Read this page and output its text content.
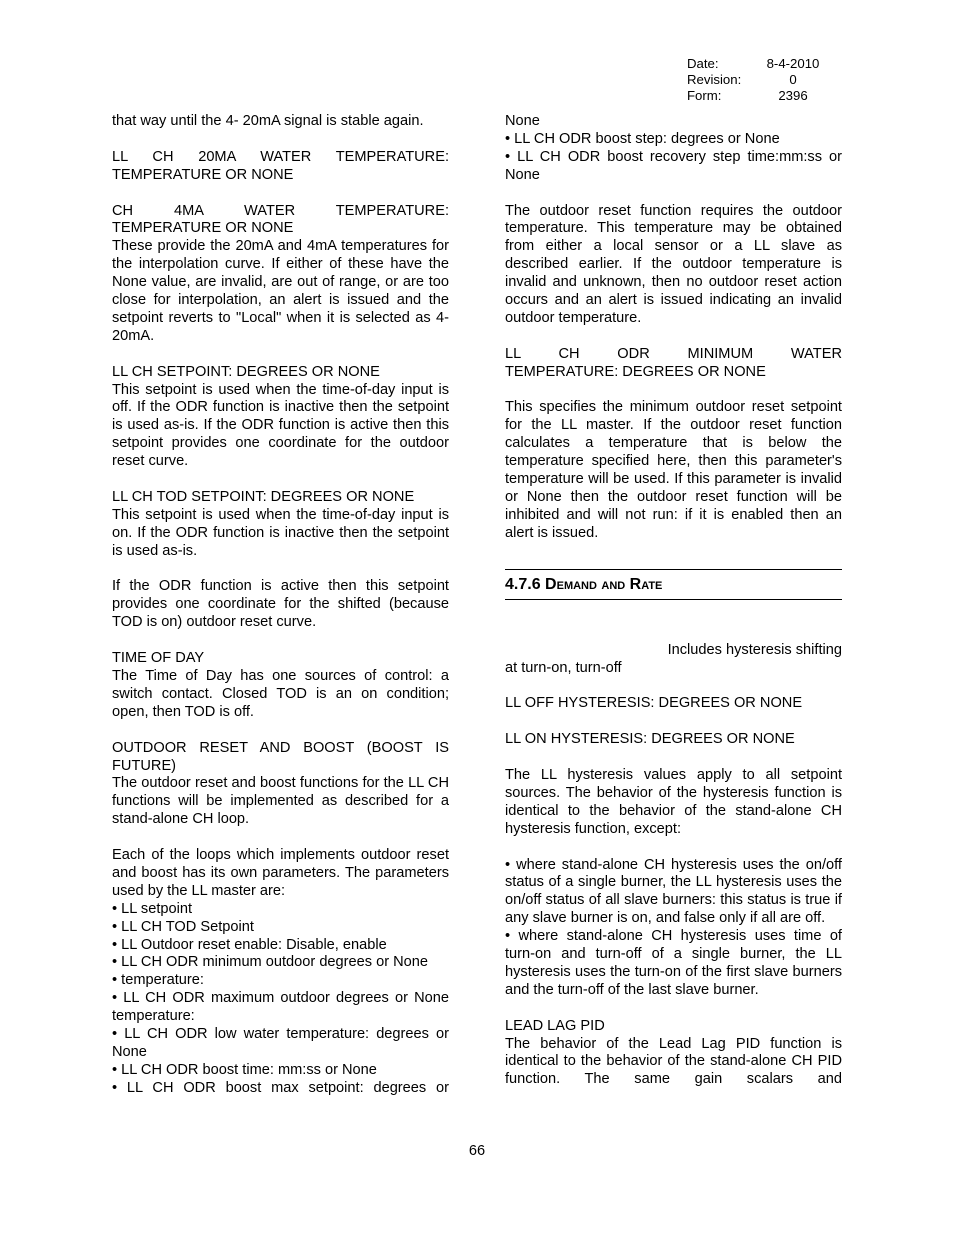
Date:	8-4-2010
Revision:	0
Form:	2396

that way until the 4- 20mA signal is stable again.

LL CH 20MA WATER TEMPERATURE:
TEMPERATURE OR NONE
CH 4MA WATER TEMPERATURE:
TEMPERATURE OR NONE

These provide the 20mA and 4mA temperatures for the interpolation curve. If either of these have the None value, are invalid, are out of range, or are too close for interpolation, an alert is issued and the setpoint reverts to "Local" when it is selected as 4-20mA.

LL CH SETPOINT: DEGREES OR NONE

This setpoint is used when the time-of-day input is off. If the ODR function is inactive then the setpoint is used as-is. If the ODR function is active then this setpoint provides one coordinate for the outdoor reset curve.

LL CH TOD SETPOINT: DEGREES OR NONE

This setpoint is used when the time-of-day input is on. If the ODR function is inactive then the setpoint is used as-is.

If the ODR function is active then this setpoint provides one coordinate for the shifted (because TOD is on) outdoor reset curve.

TIME OF DAY

The Time of Day has one sources of control: a switch contact. Closed TOD is an on condition; open, then TOD is off.

OUTDOOR RESET AND BOOST (BOOST IS FUTURE)

The outdoor reset and boost functions for the LL CH functions will be implemented as described for a stand-alone CH loop.

Each of the loops which implements outdoor reset and boost has its own parameters. The parameters used by the LL master are:

• LL setpoint
• LL CH TOD Setpoint
• LL Outdoor reset enable: Disable, enable
• LL CH ODR minimum outdoor degrees or None
• temperature:
• LL CH ODR maximum outdoor degrees or None temperature:
• LL CH ODR low water temperature: degrees or None
• LL CH ODR boost time: mm:ss or None
• LL CH ODR boost max setpoint: degrees or
None
• LL CH ODR boost step: degrees or None
• LL CH ODR boost recovery step time:mm:ss or None

The outdoor reset function requires the outdoor temperature. This temperature may be obtained from either a local sensor or a LL slave as described earlier. If the outdoor temperature is invalid and unknown, then no outdoor reset action occurs and an alert is issued indicating an invalid outdoor temperature.

LL CH ODR MINIMUM WATER
TEMPERATURE: DEGREES OR NONE

This specifies the minimum outdoor reset setpoint for the LL master. If the outdoor reset function calculates a temperature that is below the temperature specified here, then this parameter's temperature will be used. If this parameter is invalid or None then the outdoor reset function will be inhibited and will not run: if it is enabled then an alert is issued.

4.7.6 Demand and Rate
Includes hysteresis shifting
at turn-on, turn-off
LL OFF HYSTERESIS: DEGREES OR NONE
LL ON HYSTERESIS: DEGREES OR NONE

The LL hysteresis values apply to all setpoint sources. The behavior of the hysteresis function is identical to the behavior of the stand-alone CH hysteresis function, except:

• where stand-alone CH hysteresis uses the on/off status of a single burner, the LL hysteresis uses the on/off status of all slave burners: this status is true if any slave burner is on, and false only if all are off.

• where stand-alone CH hysteresis uses time of turn-on and turn-off of a single burner, the LL hysteresis uses the turn-on of the first slave burners and the turn-off of the last slave burner.

LEAD LAG PID

The behavior of the Lead Lag PID function is identical to the behavior of the stand-alone CH PID function. The same gain scalars and

66
